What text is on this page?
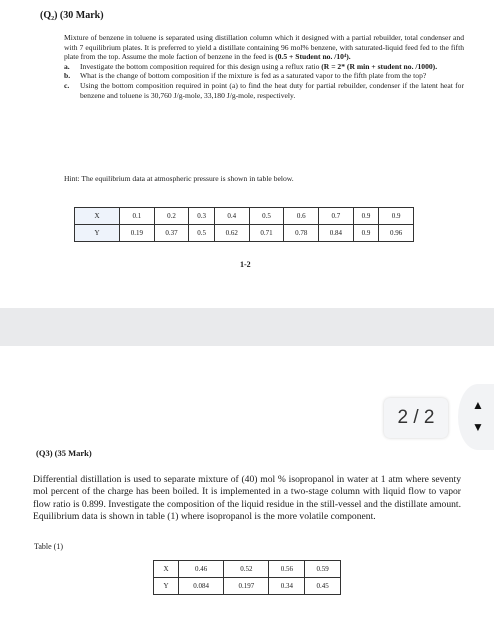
(Q₂) (30 Mark)

Mixture of benzene in toluene is separated using distillation column which it designed with a partial rebuilder, total condenser and with 7 equilibrium plates. It is preferred to yield a distillate containing 96 mol% benzene, with saturated-liquid feed fed to the fifth plate from the top. Assume the mole faction of benzene in the feed is (0.5 + Student no. /10⁴).

a. Investigate the bottom composition required for this design using a reflux ratio (R = 2* (R min + student no. /1000).
b. What is the change of bottom composition if the mixture is fed as a saturated vapor to the fifth plate from the top?
c. Using the bottom composition required in point (a) to find the heat duty for partial rebuilder, condenser if the latent heat for benzene and toluene is 30,760 J/g-mole, 33,180 J/g-mole, respectively.
Hint: The equilibrium data at atmospheric pressure is shown in table below.
X	0.1	0.2	0.3	0.4	0.5	0.6	0.7	0.9	0.9
Y	0.19	0.37	0.5	0.62	0.71	0.78	0.84	0.9	0.96
1-2
2 / 2
▲
▼
(Q3) (35 Mark)

Differential distillation is used to separate mixture of (40) mol % isopropanol in water at 1 atm where seventy mol percent of the charge has been boiled. It is implemented in a two-stage column with liquid flow to vapor flow ratio is 0.899. Investigate the composition of the liquid residue in the still-vessel and the distillate amount. Equilibrium data is shown in table (1) where isopropanol is the more volatile component.

Table (1)
X	0.46	0.52	0.56	0.59
Y	0.084	0.197	0.34	0.45
